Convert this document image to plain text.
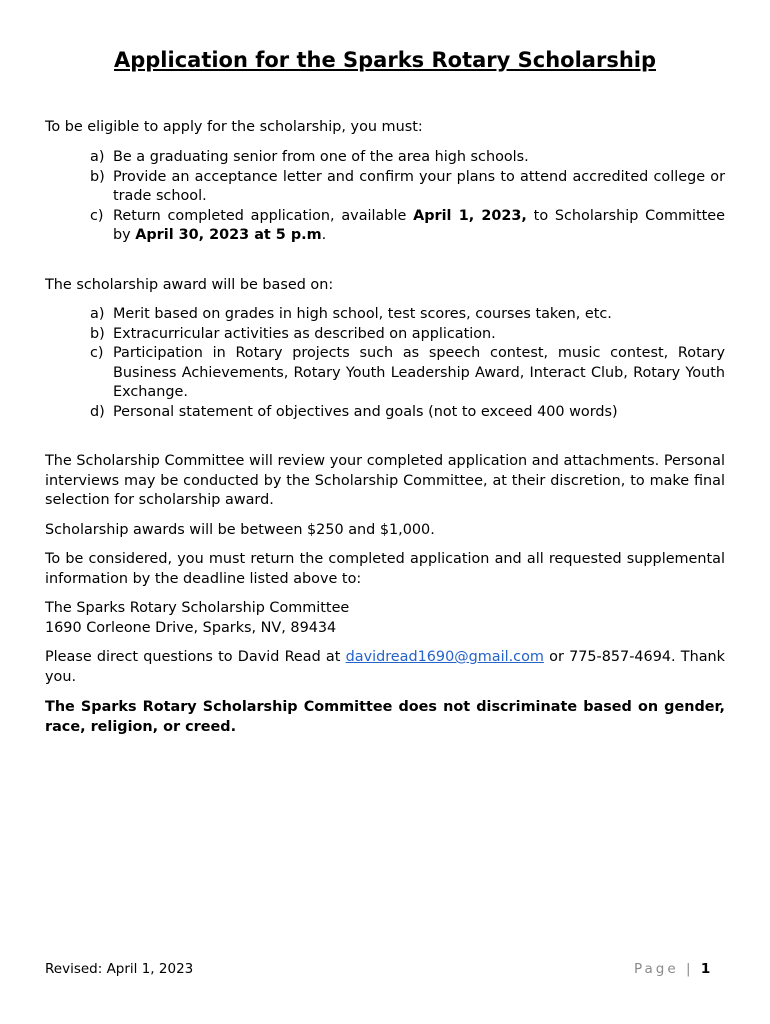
Application for the Sparks Rotary Scholarship

To be eligible to apply for the scholarship, you must:

a) Be a graduating senior from one of the area high schools.
b) Provide an acceptance letter and confirm your plans to attend accredited college or trade school.
c) Return completed application, available April 1, 2023, to Scholarship Committee by April 30, 2023 at 5 p.m.

The scholarship award will be based on:

a) Merit based on grades in high school, test scores, courses taken, etc.
b) Extracurricular activities as described on application.
c) Participation in Rotary projects such as speech contest, music contest, Rotary Business Achievements, Rotary Youth Leadership Award, Interact Club, Rotary Youth Exchange.
d) Personal statement of objectives and goals (not to exceed 400 words)

The Scholarship Committee will review your completed application and attachments. Personal interviews may be conducted by the Scholarship Committee, at their discretion, to make final selection for scholarship award.

Scholarship awards will be between $250 and $1,000.

To be considered, you must return the completed application and all requested supplemental information by the deadline listed above to:

The Sparks Rotary Scholarship Committee
1690 Corleone Drive, Sparks, NV, 89434

Please direct questions to David Read at davidread1690@gmail.com or 775-857-4694. Thank you.

The Sparks Rotary Scholarship Committee does not discriminate based on gender, race, religion, or creed.

Revised: April 1, 2023	Page | 1
